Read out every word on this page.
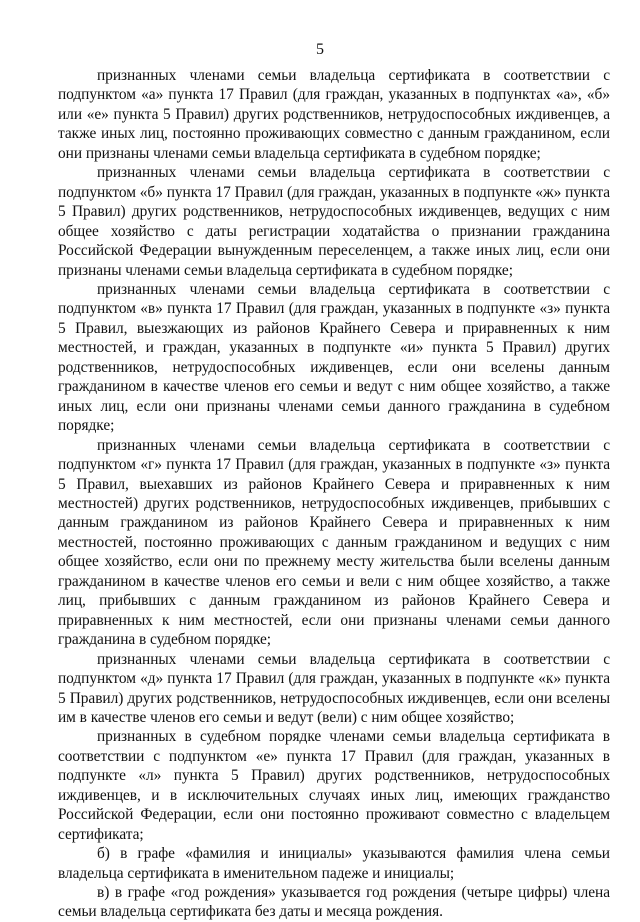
5

признанных членами семьи владельца сертификата в соответствии с подпунктом «а» пункта 17 Правил (для граждан, указанных в подпунктах «а», «б» или «е» пункта 5 Правил) других родственников, нетрудоспособных иждивенцев, а также иных лиц, постоянно проживающих совместно с данным гражданином, если они признаны членами семьи владельца сертификата в судебном порядке;

признанных членами семьи владельца сертификата в соответствии с подпунктом «б» пункта 17 Правил (для граждан, указанных в подпункте «ж» пункта 5 Правил) других родственников, нетрудоспособных иждивенцев, ведущих с ним общее хозяйство с даты регистрации ходатайства о признании гражданина Российской Федерации вынужденным переселенцем, а также иных лиц, если они признаны членами семьи владельца сертификата в судебном порядке;

признанных членами семьи владельца сертификата в соответствии с подпунктом «в» пункта 17 Правил (для граждан, указанных в подпункте «з» пункта 5 Правил, выезжающих из районов Крайнего Севера и приравненных к ним местностей, и граждан, указанных в подпункте «и» пункта 5 Правил) других родственников, нетрудоспособных иждивенцев, если они вселены данным гражданином в качестве членов его семьи и ведут с ним общее хозяйство, а также иных лиц, если они признаны членами семьи данного гражданина в судебном порядке;

признанных членами семьи владельца сертификата в соответствии с подпунктом «г» пункта 17 Правил (для граждан, указанных в подпункте «з» пункта 5 Правил, выехавших из районов Крайнего Севера и приравненных к ним местностей) других родственников, нетрудоспособных иждивенцев, прибывших с данным гражданином из районов Крайнего Севера и приравненных к ним местностей, постоянно проживающих с данным гражданином и ведущих с ним общее хозяйство, если они по прежнему месту жительства были вселены данным гражданином в качестве членов его семьи и вели с ним общее хозяйство, а также лиц, прибывших с данным гражданином из районов Крайнего Севера и приравненных к ним местностей, если они признаны членами семьи данного гражданина в судебном порядке;

признанных членами семьи владельца сертификата в соответствии с подпунктом «д» пункта 17 Правил (для граждан, указанных в подпункте «к» пункта 5 Правил) других родственников, нетрудоспособных иждивенцев, если они вселены им в качестве членов его семьи и ведут (вели) с ним общее хозяйство;

признанных в судебном порядке членами семьи владельца сертификата в соответствии с подпунктом «е» пункта 17 Правил (для граждан, указанных в подпункте «л» пункта 5 Правил) других родственников, нетрудоспособных иждивенцев, и в исключительных случаях иных лиц, имеющих гражданство Российской Федерации, если они постоянно проживают совместно с владельцем сертификата;

б) в графе «фамилия и инициалы» указываются фамилия члена семьи владельца сертификата в именительном падеже и инициалы;

в) в графе «год рождения» указывается год рождения (четыре цифры) члена семьи владельца сертификата без даты и месяца рождения.
